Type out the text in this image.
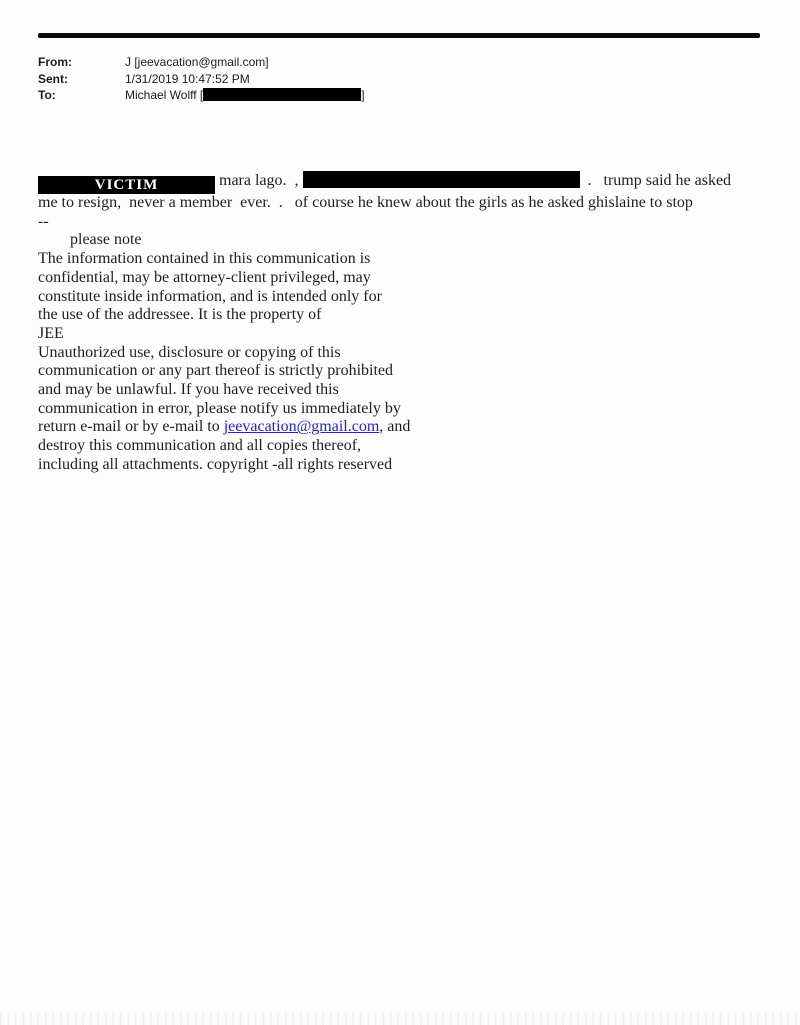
From:	J [jeevacation@gmail.com]
Sent:	1/31/2019 10:47:52 PM
To:	Michael Wolff [	]
VICTIM	mara lago.  ,	.   trump said he asked
me to resign,  never a member  ever.  .   of course he knew about the girls as he asked ghislaine to stop
--
please note
The information contained in this communication is
confidential, may be attorney-client privileged, may
constitute inside information, and is intended only for
the use of the addressee. It is the property of
JEE
Unauthorized use, disclosure or copying of this
communication or any part thereof is strictly prohibited
and may be unlawful. If you have received this
communication in error, please notify us immediately by
return e-mail or by e-mail to jeevacation@gmail.com, and
destroy this communication and all copies thereof,
including all attachments. copyright -all rights reserved
